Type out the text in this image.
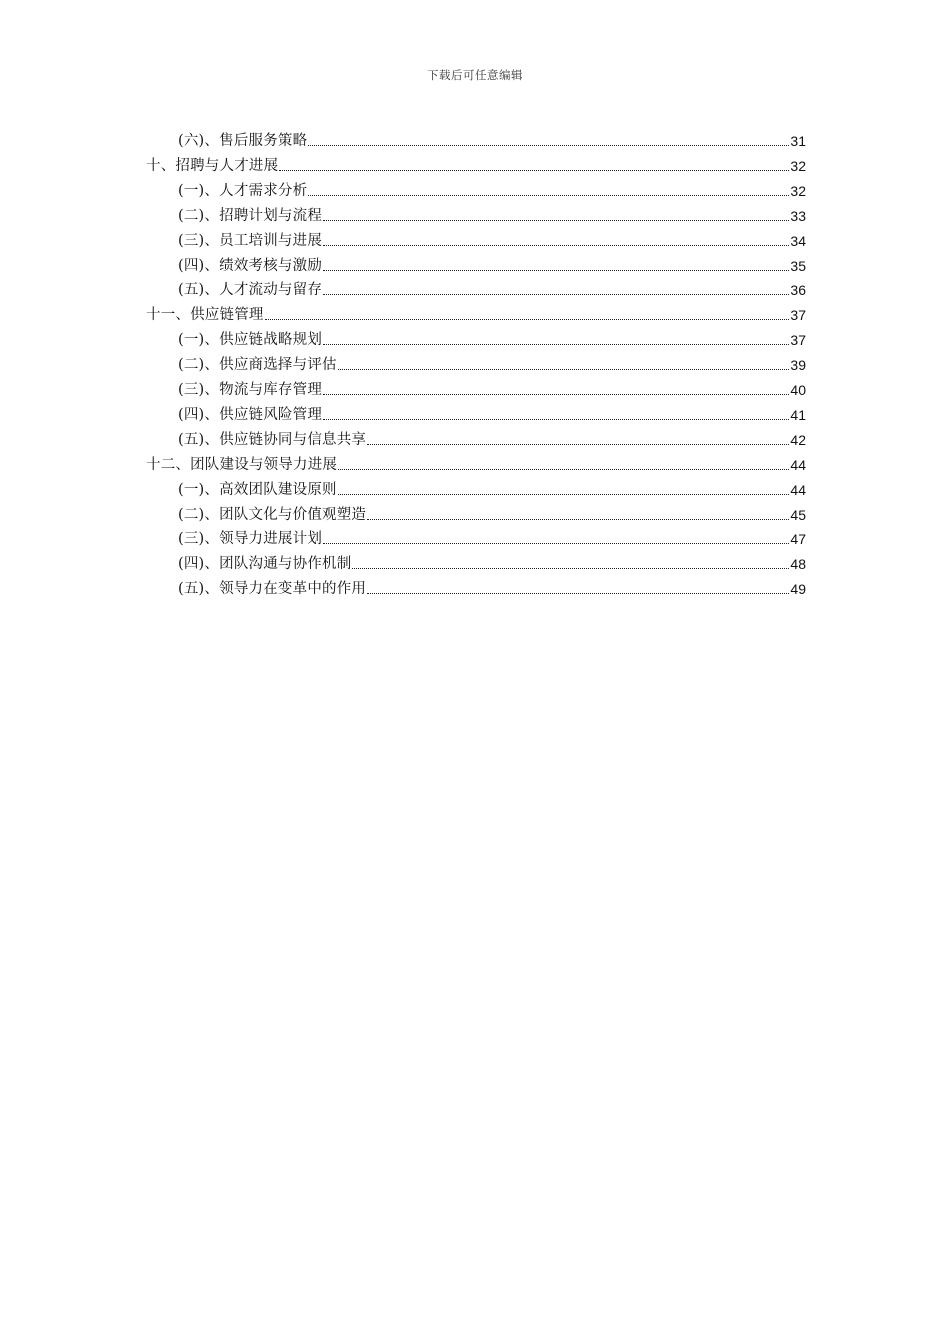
下载后可任意编辑
(六)、售后服务策略	31
十、招聘与人才进展	32
(一)、人才需求分析	32
(二)、招聘计划与流程	33
(三)、员工培训与进展	34
(四)、绩效考核与激励	35
(五)、人才流动与留存	36
十一、供应链管理	37
(一)、供应链战略规划	37
(二)、供应商选择与评估	39
(三)、物流与库存管理	40
(四)、供应链风险管理	41
(五)、供应链协同与信息共享	42
十二、团队建设与领导力进展	44
(一)、高效团队建设原则	44
(二)、团队文化与价值观塑造	45
(三)、领导力进展计划	47
(四)、团队沟通与协作机制	48
(五)、领导力在变革中的作用	49
